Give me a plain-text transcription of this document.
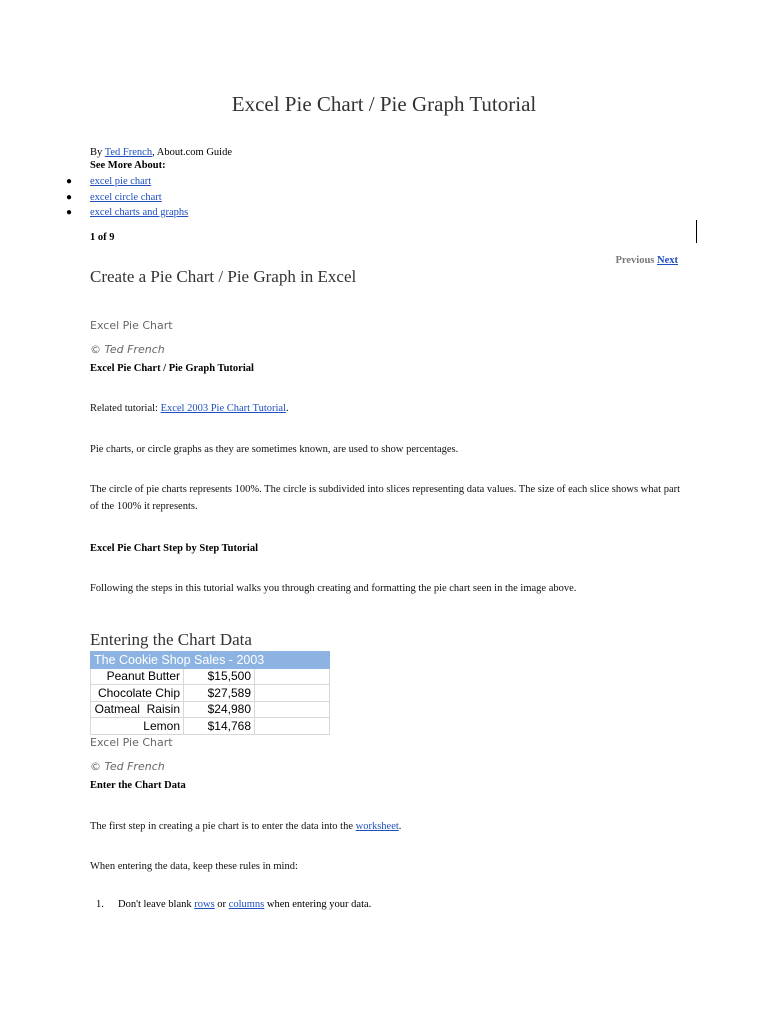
Excel Pie Chart / Pie Graph Tutorial
By Ted French, About.com Guide
See More About:
● excel pie chart
● excel circle chart
● excel charts and graphs
1 of 9
Previous Next
Create a Pie Chart / Pie Graph in Excel
Excel Pie Chart
© Ted French
Excel Pie Chart / Pie Graph Tutorial
Related tutorial: Excel 2003 Pie Chart Tutorial.
Pie charts, or circle graphs as they are sometimes known, are used to show percentages.
The circle of pie charts represents 100%. The circle is subdivided into slices representing data values. The size of each slice shows what part of the 100% it represents.
Excel Pie Chart Step by Step Tutorial
Following the steps in this tutorial walks you through creating and formatting the pie chart seen in the image above.
Entering the Chart Data
The Cookie Shop Sales - 2003		
Peanut Butter	$15,500	
Chocolate Chip	$27,589	
Oatmeal  Raisin	$24,980	
Lemon	$14,768	
Excel Pie Chart
© Ted French
Enter the Chart Data
The first step in creating a pie chart is to enter the data into the worksheet.
When entering the data, keep these rules in mind:
1. Don't leave blank rows or columns when entering your data.
